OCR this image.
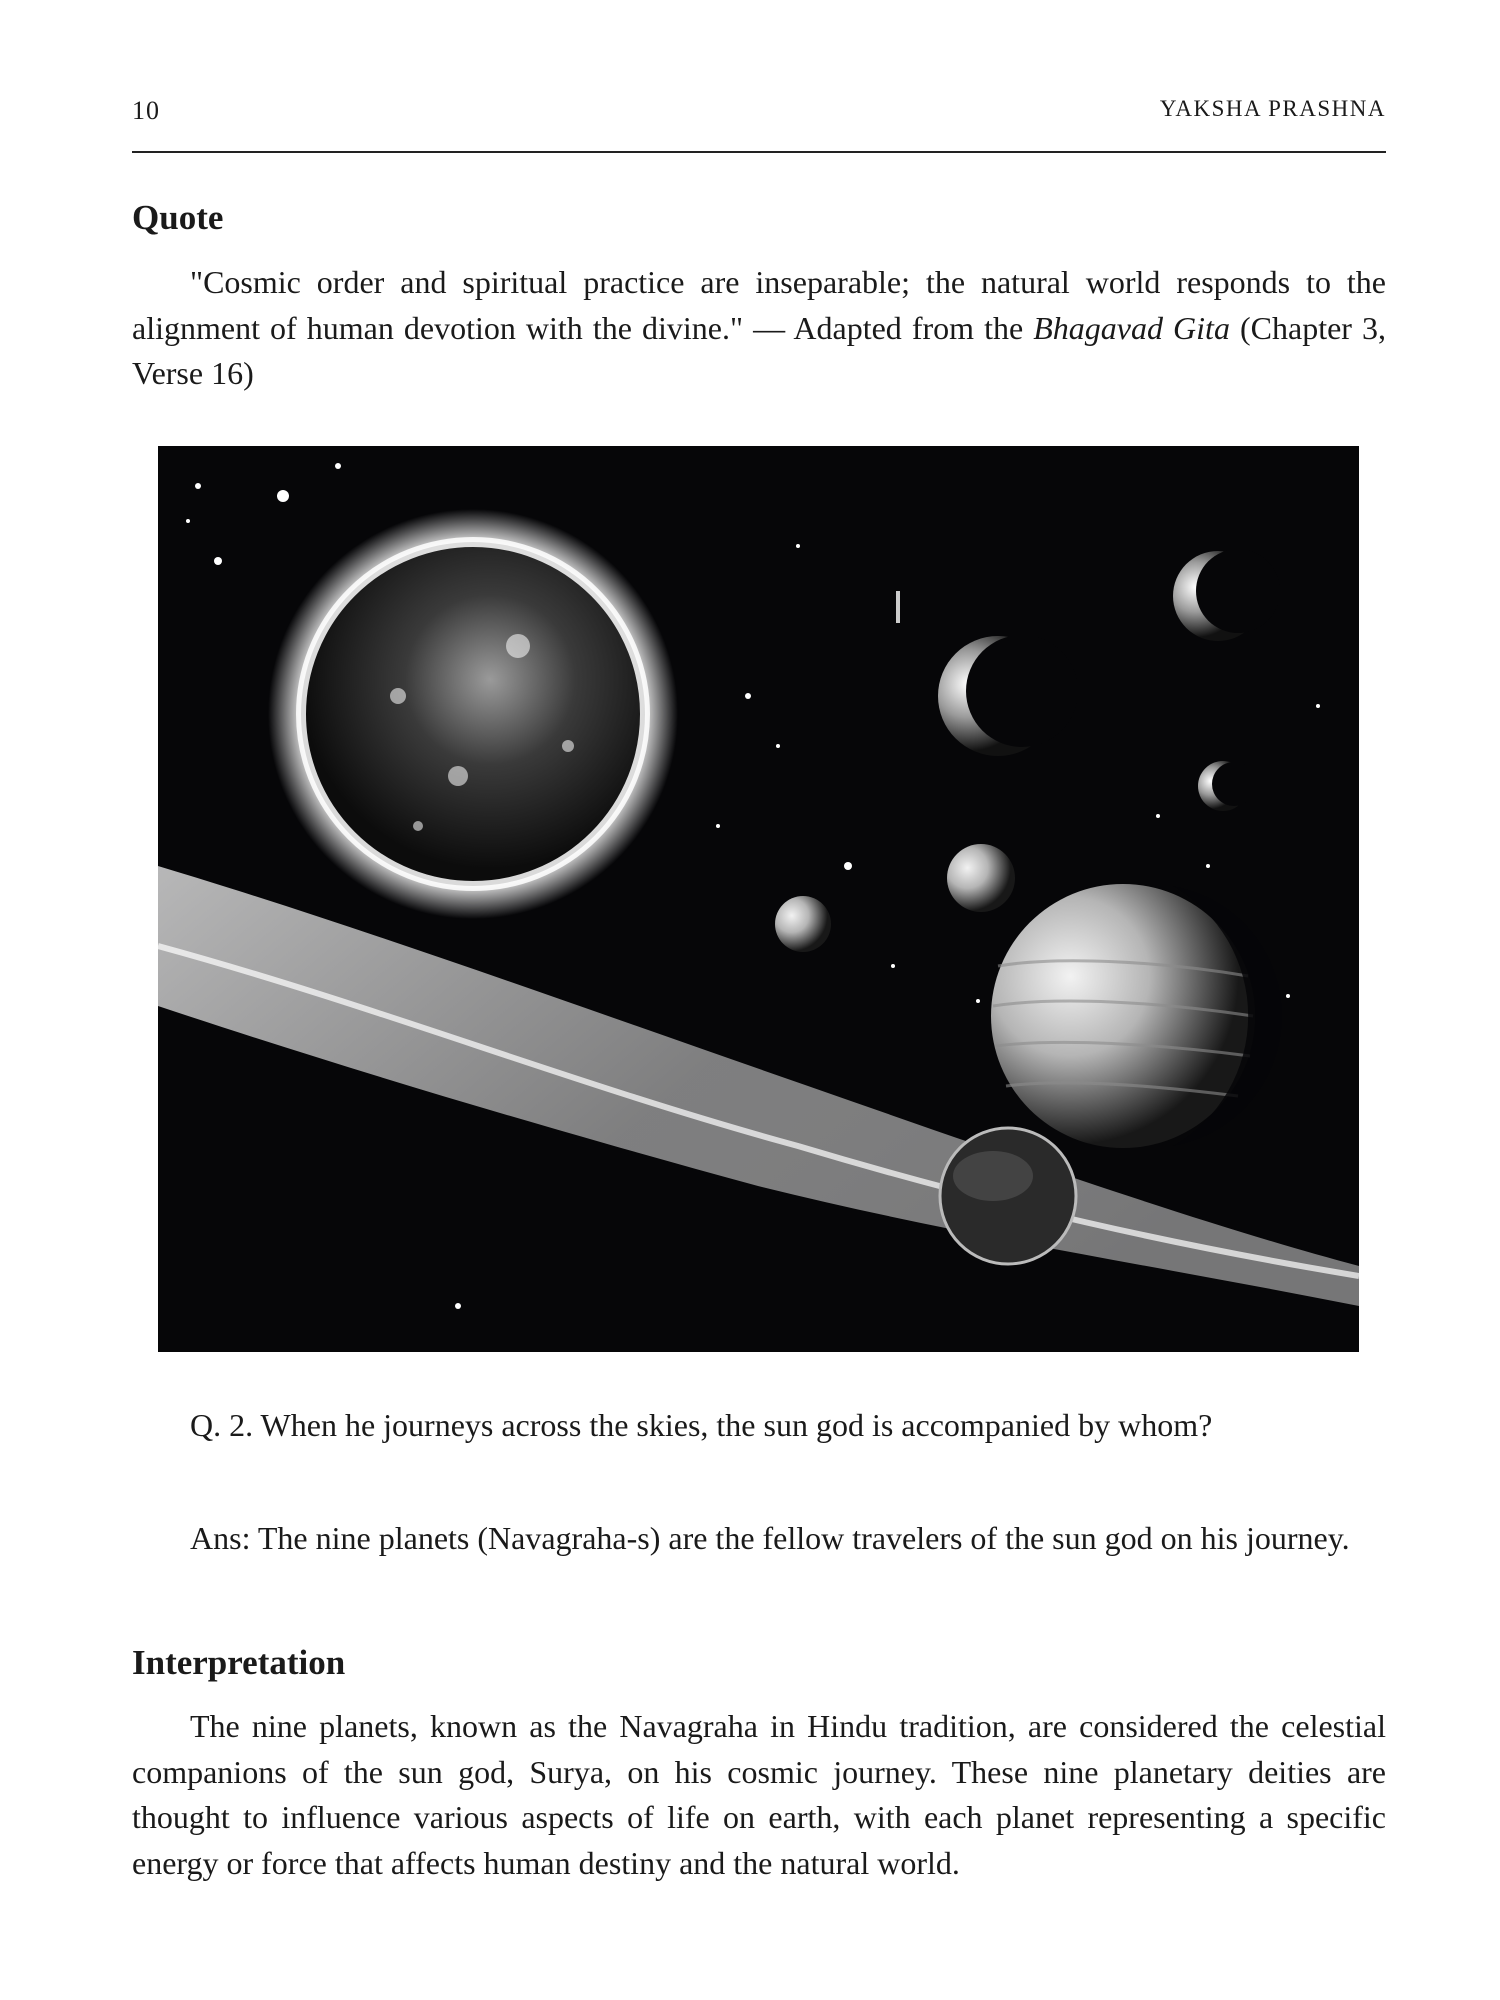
10	YAKSHA PRASHNA
Quote

"Cosmic order and spiritual practice are inseparable; the natural world responds to the alignment of human devotion with the divine." — Adapted from the Bhagavad Gita (Chapter 3, Verse 16)

Q. 2. When he journeys across the skies, the sun god is accompanied by whom?

Ans: The nine planets (Navagraha-s) are the fellow travelers of the sun god on his journey.

Interpretation

The nine planets, known as the Navagraha in Hindu tradition, are considered the celestial companions of the sun god, Surya, on his cosmic journey. These nine planetary deities are thought to influence various aspects of life on earth, with each planet representing a specific energy or force that affects human destiny and the natural world.
